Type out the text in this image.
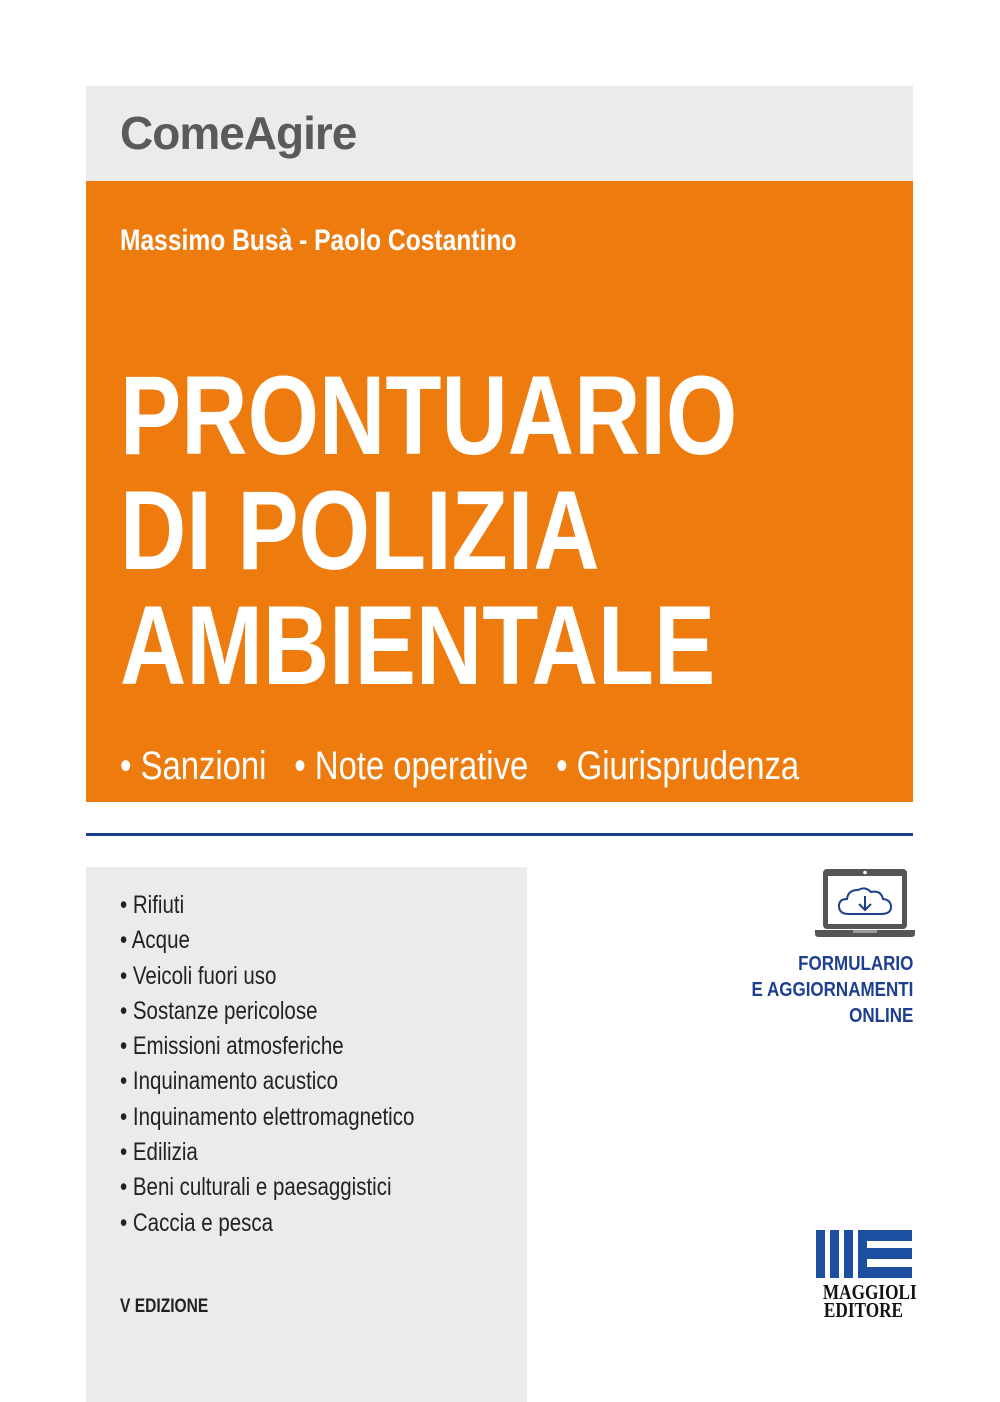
ComeAgire
Massimo Busà - Paolo Costantino
PRONTUARIO
DI POLIZIA
AMBIENTALE
• Sanzioni • Note operative • Giurisprudenza
• Rifiuti
• Acque
• Veicoli fuori uso
• Sostanze pericolose
• Emissioni atmosferiche
• Inquinamento acustico
• Inquinamento elettromagnetico
• Edilizia
• Beni culturali e paesaggistici
• Caccia e pesca
V EDIZIONE
FORMULARIO
E AGGIORNAMENTI
ONLINE
MAGGIOLI
EDITORE
